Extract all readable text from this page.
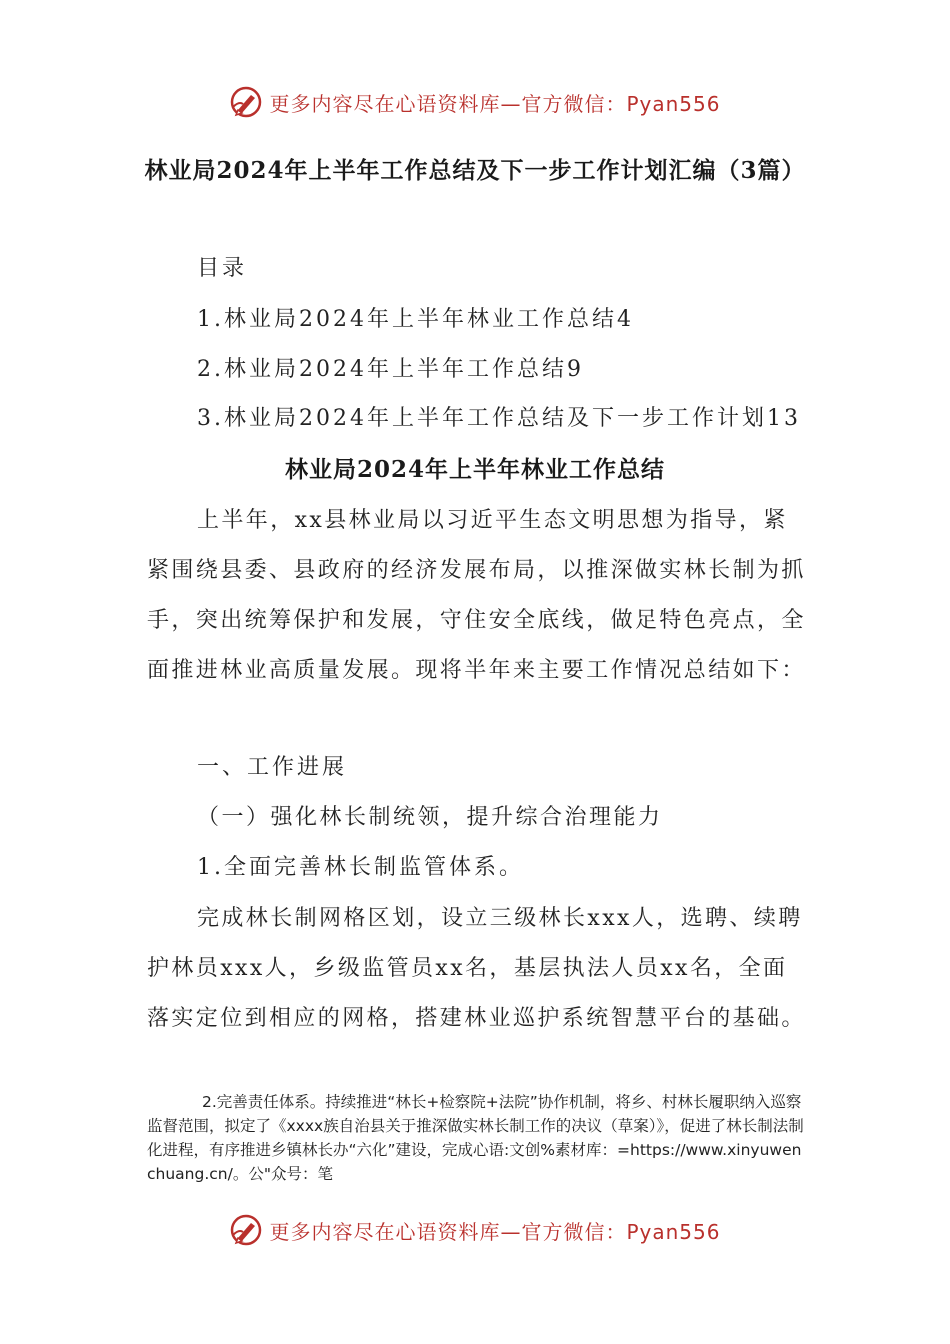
更多内容尽在心语资料库—官方微信：Pyan556
林业局2024年上半年工作总结及下一步工作计划汇编（3篇）
目录
1.林业局2024年上半年林业工作总结4
2.林业局2024年上半年工作总结9
3.林业局2024年上半年工作总结及下一步工作计划13
林业局2024年上半年林业工作总结

上半年，xx县林业局以习近平生态文明思想为指导，紧紧围绕县委、县政府的经济发展布局，以推深做实林长制为抓手，突出统筹保护和发展，守住安全底线，做足特色亮点，全面推进林业高质量发展。现将半年来主要工作情况总结如下：

一、工作进展
（一）强化林长制统领，提升综合治理能力
1.全面完善林长制监管体系。

完成林长制网格区划，设立三级林长xxx人，选聘、续聘护林员xxx人，乡级监管员xx名，基层执法人员xx名，全面落实定位到相应的网格，搭建林业巡护系统智慧平台的基础。

2.完善责任体系。持续推进“林长+检察院+法院”协作机制，将乡、村林长履职纳入巡察监督范围，拟定了《xxxx族自治县关于推深做实林长制工作的决议（草案）》，促进了林长制法制化进程，有序推进乡镇林长办“六化”建设，完成心语:文创%素材库：=https://www.xinyuwenchuang.cn/。公"众号：笔

更多内容尽在心语资料库—官方微信：Pyan556
